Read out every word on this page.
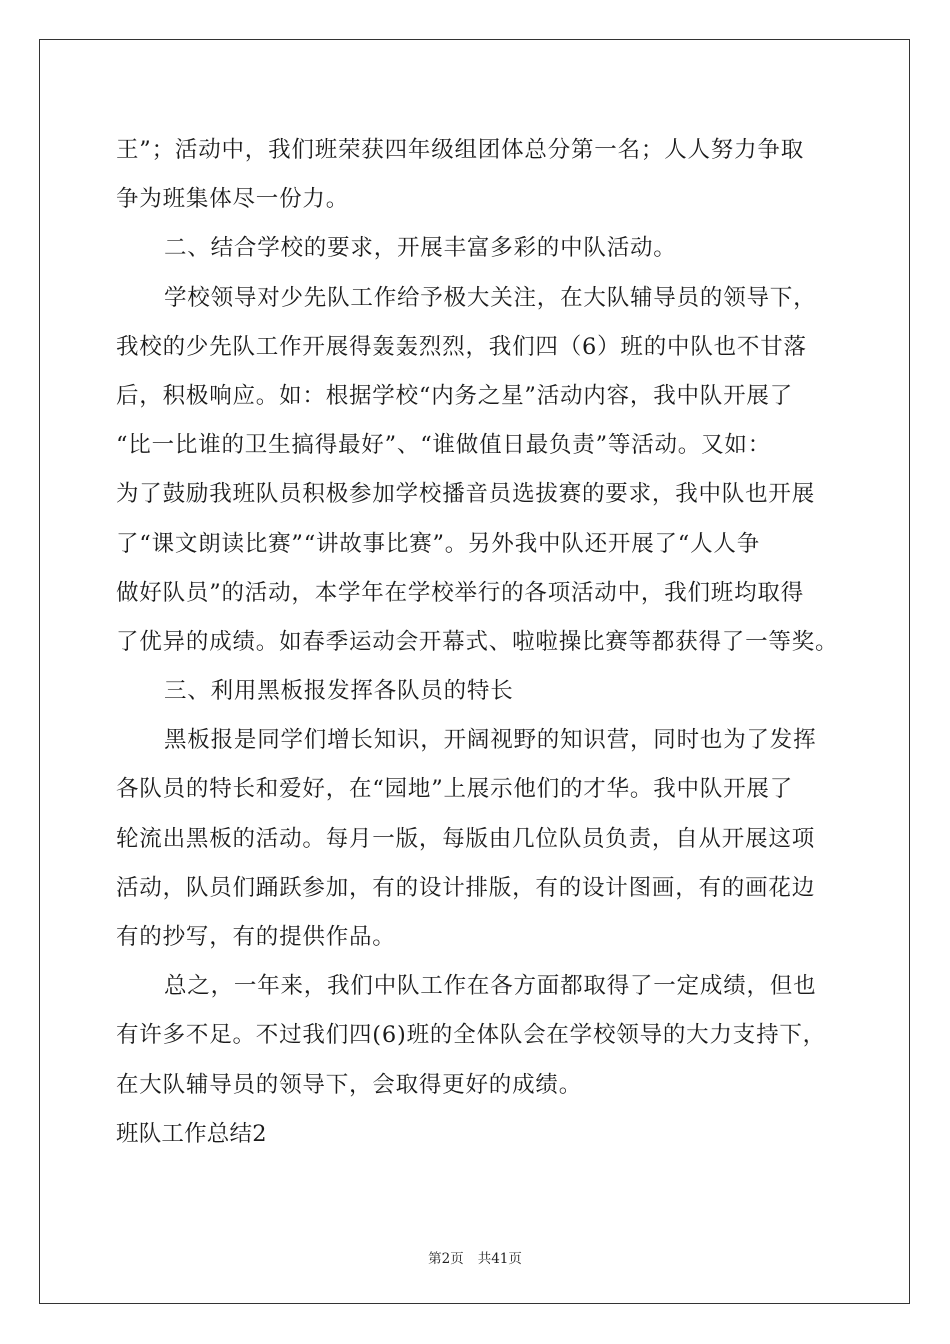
王”；活动中，我们班荣获四年级组团体总分第一名；人人努力争取
争为班集体尽一份力。
二、结合学校的要求，开展丰富多彩的中队活动。
学校领导对少先队工作给予极大关注，在大队辅导员的领导下，
我校的少先队工作开展得轰轰烈烈，我们四（6）班的中队也不甘落
后，积极响应。如：根据学校“内务之星”活动内容，我中队开展了
“比一比谁的卫生搞得最好”、“谁做值日最负责”等活动。又如：
为了鼓励我班队员积极参加学校播音员选拔赛的要求，我中队也开展
了“课文朗读比赛”“讲故事比赛”。另外我中队还开展了“人人争
做好队员”的活动，本学年在学校举行的各项活动中，我们班均取得
了优异的成绩。如春季运动会开幕式、啦啦操比赛等都获得了一等奖。
三、利用黑板报发挥各队员的特长
黑板报是同学们增长知识，开阔视野的知识营，同时也为了发挥
各队员的特长和爱好，在“园地”上展示他们的才华。我中队开展了
轮流出黑板的活动。每月一版，每版由几位队员负责，自从开展这项
活动，队员们踊跃参加，有的设计排版，有的设计图画，有的画花边
有的抄写，有的提供作品。
总之，一年来，我们中队工作在各方面都取得了一定成绩，但也
有许多不足。不过我们四(6)班的全体队会在学校领导的大力支持下，
在大队辅导员的领导下，会取得更好的成绩。
班队工作总结2
第2页 共41页
